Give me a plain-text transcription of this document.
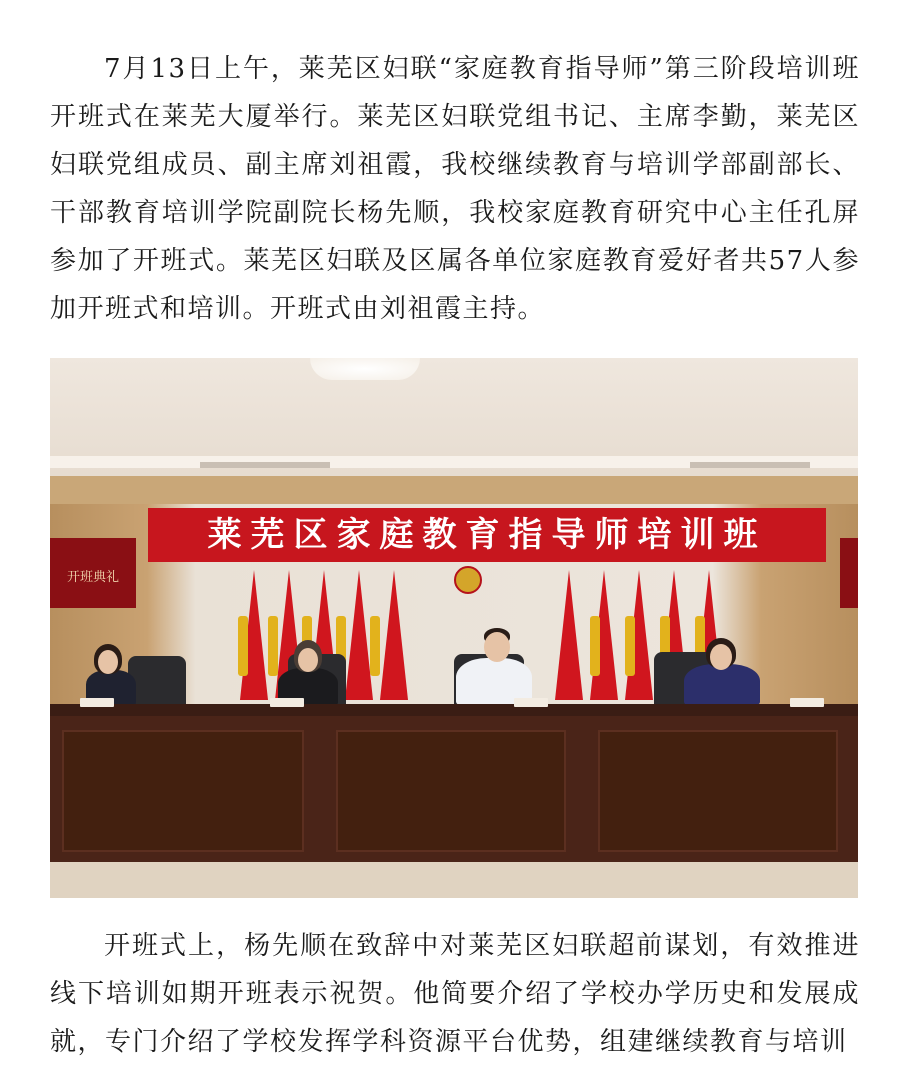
7月13日上午，莱芜区妇联“家庭教育指导师”第三阶段培训班开班式在莱芜大厦举行。莱芜区妇联党组书记、主席李勤，莱芜区妇联党组成员、副主席刘祖霞，我校继续教育与培训学部副部长、干部教育培训学院副院长杨先顺，我校家庭教育研究中心主任孔屏参加了开班式。莱芜区妇联及区属各单位家庭教育爱好者共57人参加开班式和培训。开班式由刘祖霞主持。

开班典礼
莱芜区家庭教育指导师培训班

开班式上，杨先顺在致辞中对莱芜区妇联超前谋划，有效推进线下培训如期开班表示祝贺。他简要介绍了学校办学历史和发展成就，专门介绍了学校发挥学科资源平台优势，组建继续教育与培训
